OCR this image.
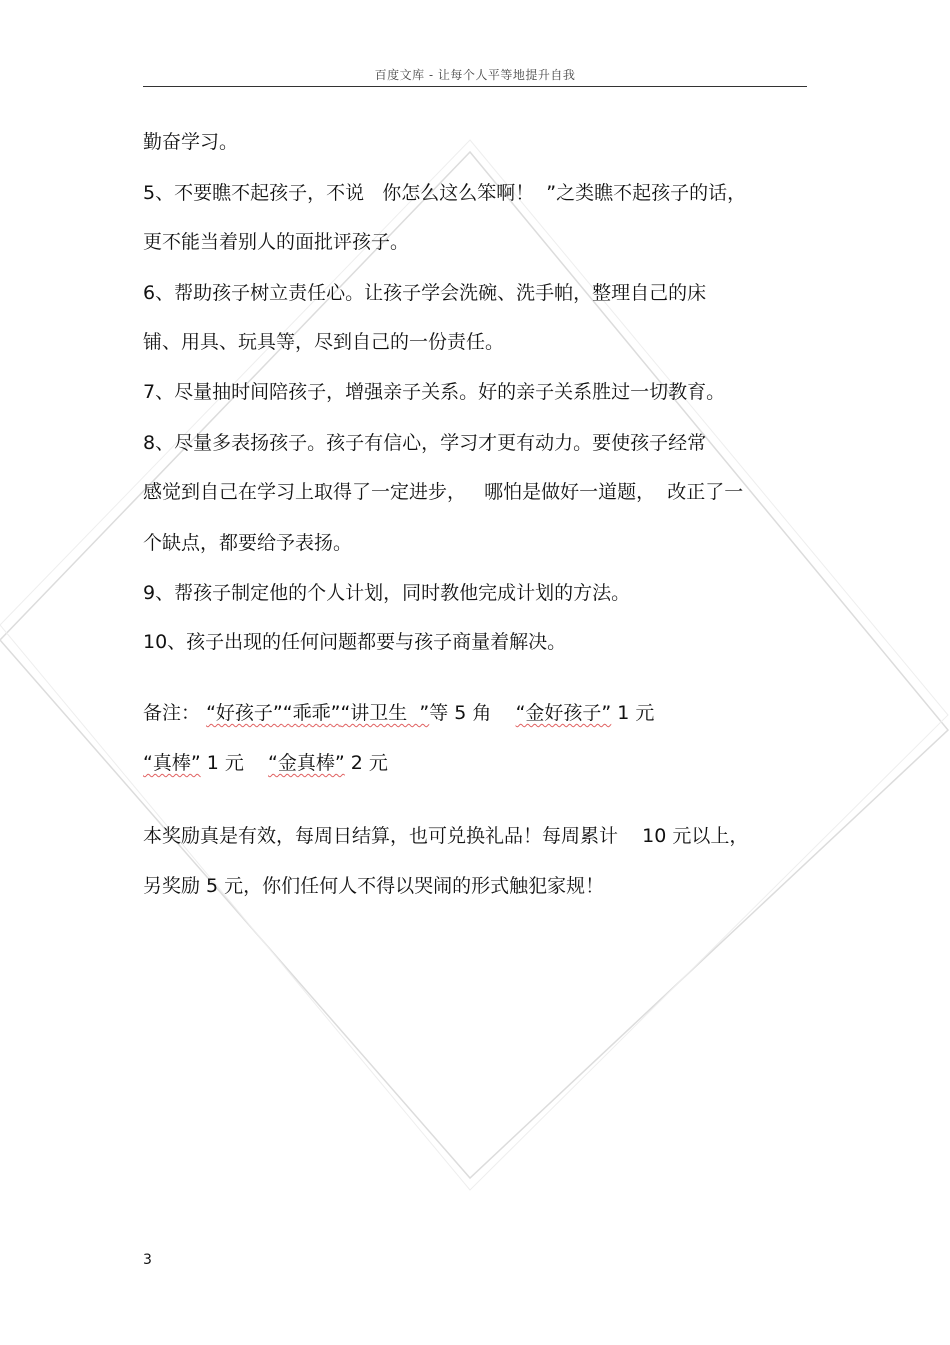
百度文库 - 让每个人平等地提升自我
勤奋学习。
5、不要瞧不起孩子，不说   你怎么这么笨啊！  ”之类瞧不起孩子的话，
更不能当着别人的面批评孩子。
6、帮助孩子树立责任心。让孩子学会洗碗、洗手帕，整理自己的床
铺、用具、玩具等，尽到自己的一份责任。
7、尽量抽时间陪孩子，增强亲子关系。好的亲子关系胜过一切教育。
8、尽量多表扬孩子。孩子有信心，学习才更有动力。要使孩子经常
感觉到自己在学习上取得了一定进步，   哪怕是做好一道题，  改正了一
个缺点，都要给予表扬。
9、帮孩子制定他的个人计划，同时教他完成计划的方法。
10、孩子出现的任何问题都要与孩子商量着解决。
备注： “好孩子”“乖乖”“讲卫生  ”等 5 角 “金好孩子” 1 元
“真棒” 1 元 “金真棒” 2 元
本奖励真是有效，每周日结算，也可兑换礼品！每周累计    10 元以上，
另奖励 5 元，你们任何人不得以哭闹的形式触犯家规！
3
